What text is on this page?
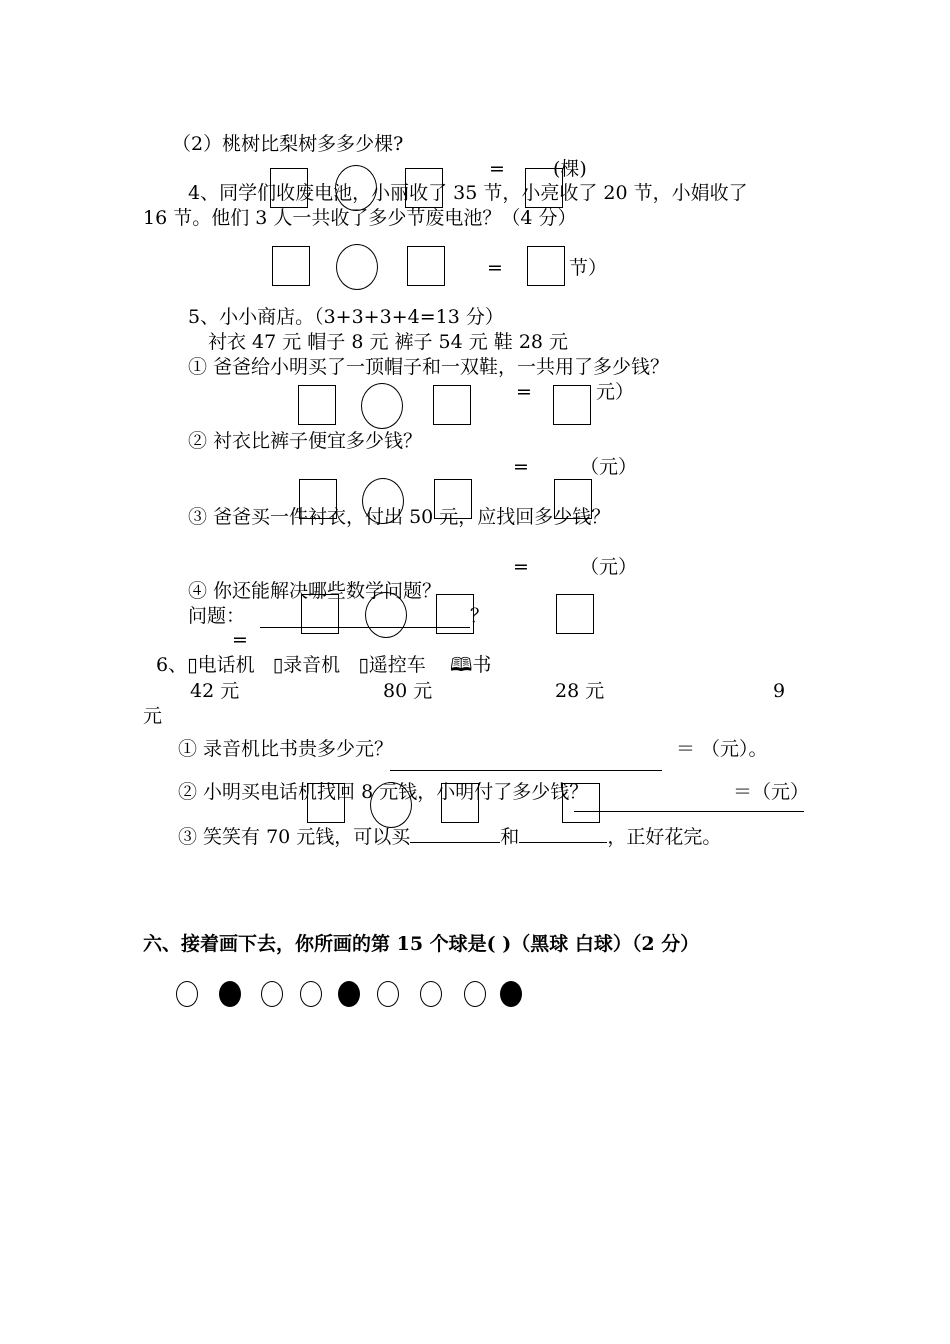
（2）桃树比梨树多多少棵?
=	(棵)
4、同学们收废电池，小丽收了 35 节，小亮收了 20 节，小娟收了
16 节。他们 3 人一共收了多少节废电池？（4 分）
=	节）
5、小小商店。（3+3+3+4=13 分）
衬衣 47 元 帽子 8 元 裤子 54 元 鞋 28 元
① 爸爸给小明买了一顶帽子和一双鞋，一共用了多少钱？
=	元）
② 衬衣比裤子便宜多少钱？
=	（元）
③ 爸爸买一件衬衣，付出 50 元，应找回多少钱？
=	（元）
④ 你还能解决哪些数学问题？
问题：	？
=
6、▯电话机 ▯录音机 ▯遥控车 🕮书
42 元	80 元	28 元	9
元
① 录音机比书贵多少元？	＝ （元）。
② 小明买电话机找回 8 元钱，小明付了多少钱？	＝（元）
③ 笑笑有 70 元钱，可以买	和	，正好花完。
六、接着画下去，你所画的第 15 个球是( )（黑球 白球）（2 分）
